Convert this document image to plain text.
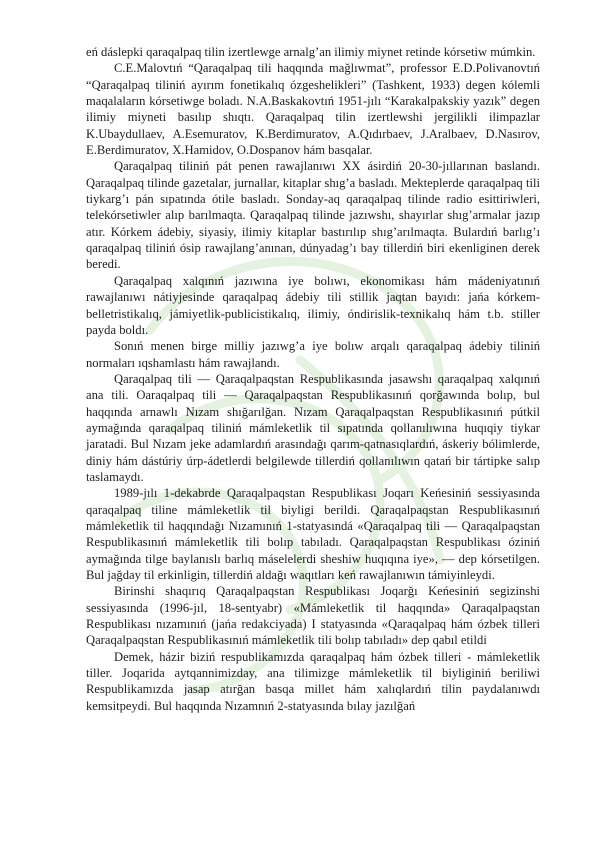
eń dáslepki qaraqalpaq tilin izertlewge arnalg’an ilimiy miynet retinde kórsetiw múmkin.

C.E.Malovtıń “Qaraqalpaq tili haqqında mağlıwmat”, professor E.D.Polivanovtıń “Qaraqalpaq tiliniń ayırım fonetikalıq ózgeshelikleri” (Tashkent, 1933) degen kólemli maqalaların kórsetiwge boladı. N.A.Baskakovtıń 1951-jılı “Karakalpakskiy yazık” degen ilimiy miyneti basılıp shıqtı. Qaraqalpaq tilin izertlewshi jergilikli ilimpazlar K.Ubaydullaev, A.Esemuratov, K.Berdimuratov, A.Qıdırbaev, J.Aralbaev, D.Nasırov, E.Berdimuratov, X.Hamidov, O.Dospanov hám basqalar.

Qaraqalpaq tiliniń pát penen rawajlanıwı XX ásirdiń 20-30-jıllarınan baslandı. Qaraqalpaq tilinde gazetalar, jurnallar, kitaplar shıg’a basladı. Mekteplerde qaraqalpaq tili tiykarg’ı pán sıpatında ótile basladı. Sonday-aq qaraqalpaq tilinde radio esittiriwleri, telekórsetiwler alıp barılmaqta. Qaraqalpaq tilinde jazıwshı, shayırlar shıg’armalar jazıp atır. Kórkem ádebiy, siyasiy, ilimiy kitaplar bastırılıp shıg’arılmaqta. Bulardıń barlıg’ı qaraqalpaq tiliniń ósip rawajlang’anınan, dúnyadag’ı bay tillerdiń biri ekenliginen derek beredi.

Qaraqalpaq xalqınıń jazıwına iye bolıwı, ekonomikası hám mádeniyatınıń rawajlanıwı nátiyjesinde qaraqalpaq ádebiy tili stillik jaqtan bayıdı: jańa kórkem-belletristikalıq, jámiyetlik-publicistikalıq, ilimiy, óndirislik-texnikalıq hám t.b. stiller payda boldı.

Sonıń menen birge milliy jazıwg’a iye bolıw arqalı qaraqalpaq ádebiy tiliniń normaları ıqshamlastı hám rawajlandı.

Qaraqalpaq tili — Qaraqalpaqstan Respublikasında jasawshı qaraqalpaq xalqınıń ana tili. Oaraqalpaq tili — Qaraqalpaqstan Respublikasınıń qorğawında bolıp, bul haqqında arnawlı Nızam shığarılğan. Nızam Qaraqalpaqstan Respublikasınıń pútkil aymağında qaraqalpaq tiliniń mámleketlik til sıpatında qollanılıwına huqıqiy tiykar jaratadi. Bul Nızam jeke adamlardıń arasındağı qarım-qatnasıqlardıń, áskeriy bólimlerde, diniy hám dástúriy úrp-ádetlerdi belgilewde tillerdiń qollanılıwın qatań bir tártipke salıp taslamaydı.

1989-jılı 1-dekabrde Qaraqalpaqstan Respublikası Joqarı Keńesiniń sessiyasında qaraqalpaq tiline mámleketlik til biyligi berildi. Qaraqalpaqstan Respublikasınıń mámleketlik til haqqındağı Nızamınıń 1-statyasındá «Qaraqalpaq tili — Qaraqalpaqstan Respublikasınıń mámleketlik tili bolıp tabıladı. Qaraqalpaqstan Respublikası óziniń aymağında tilge baylanıslı barlıq máselelerdi sheshiw huqıqına iye», — dep kórsetilgen. Bul jağday til erkinligin, tillerdiń aldağı waqıtları keń rawajlanıwın támiyinleydi.

Birinshi shaqırıq Qaraqalpaqstan Respublikası Joqarğı Keńesiniń segizinshi sessiyasında (1996-jıl, 18-sentyabr) «Mámleketlik til haqqında» Qaraqalpaqstan Respublikası nızamınıń (jańa redakciyada) I statyasında «Qaraqalpaq hám ózbek tilleri Qaraqalpaqstan Respublikasınıń mámleketlik tili bolıp tabıladı» dep qabıl etildi

Demek, házir biziń respublikamızda qaraqalpaq hám ózbek tilleri - mámleketlik tiller. Joqarida aytqannimizday, ana tilimizge mámleketlik til biyliginiń beriliwi Respublikamızda jasap atırğan basqa millet hám xalıqlardıń tilin paydalanıwdı kemsitpeydi. Bul haqqında Nızamnıń 2-statyasında bılay jazılğań
